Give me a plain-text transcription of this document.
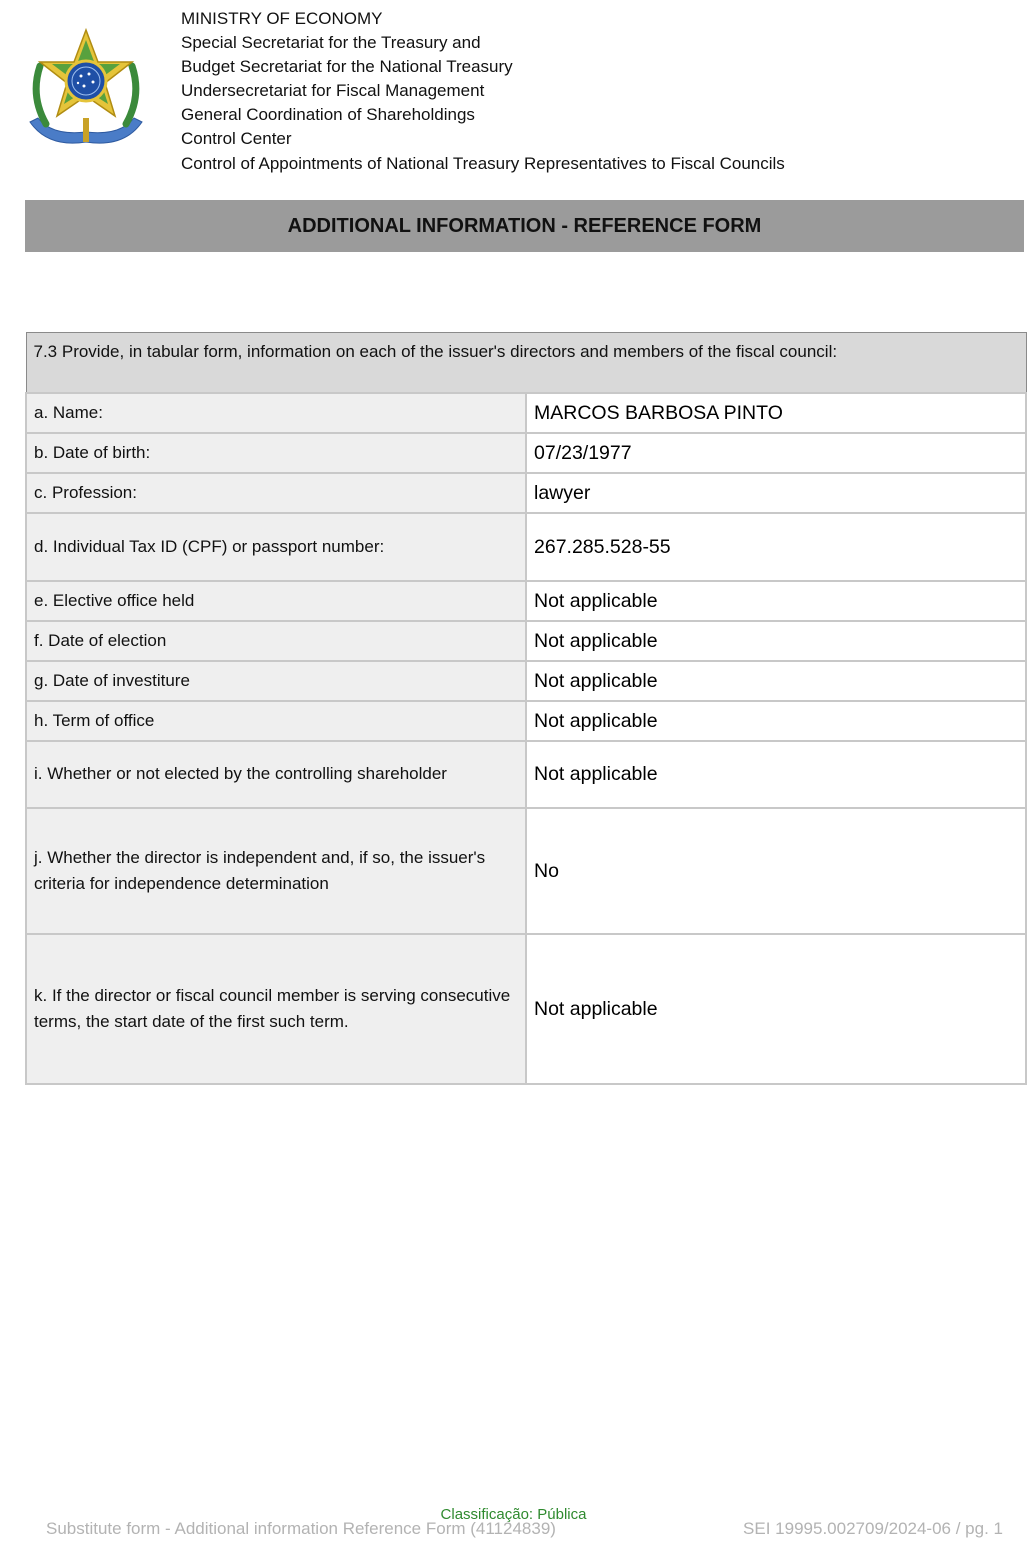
MINISTRY OF ECONOMY
Special Secretariat for the Treasury and
Budget Secretariat for the National Treasury
Undersecretariat for Fiscal Management
General Coordination of Shareholdings
Control Center
Control of Appointments of National Treasury Representatives to Fiscal Councils
ADDITIONAL INFORMATION - REFERENCE FORM
7.3 Provide, in tabular form, information on each of the issuer's directors and members of the fiscal council:	
a. Name:	MARCOS BARBOSA PINTO
b. Date of birth:	07/23/1977
c. Profession:	lawyer
d. Individual Tax ID (CPF) or passport number:	267.285.528-55
e. Elective office held	Not applicable
f. Date of election	Not applicable
g. Date of investiture	Not applicable
h. Term of office	Not applicable
i. Whether or not elected by the controlling shareholder	Not applicable
j. Whether the director is independent and, if so, the issuer's criteria for independence determination	No
k. If the director or fiscal council member is serving consecutive terms, the start date of the first such term.	Not applicable
Classificação: Pública
Substitute form - Additional information Reference Form (41124839)	SEI 19995.002709/2024-06 / pg. 1
